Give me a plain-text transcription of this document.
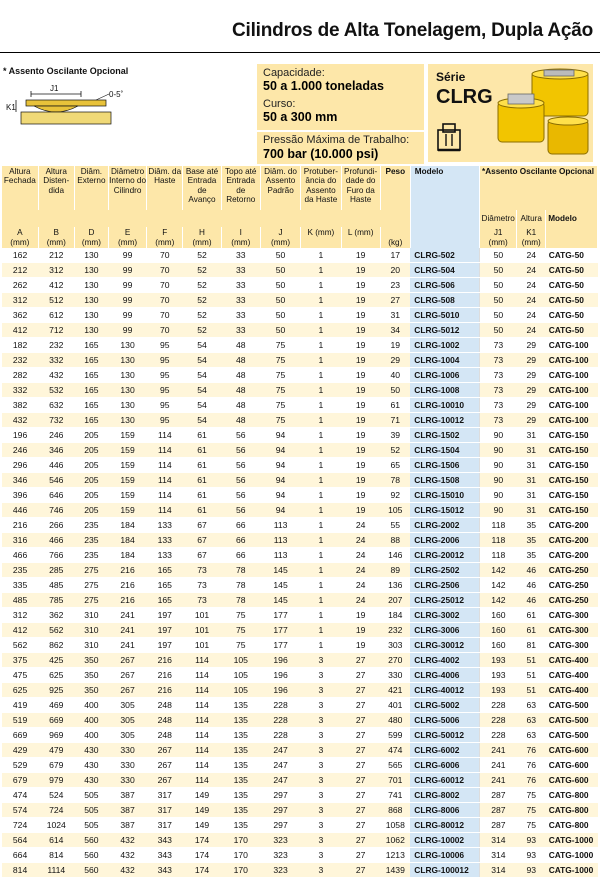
Cilindros de Alta Tonelagem, Dupla Ação
* Assento Oscilante Opcional
J1
K1
0-5˚
Capacidade:
50 a 1.000 toneladas
Curso:
50 a 300 mm
Pressão Máxima de Trabalho:
700 bar (10.000 psi)
Série
CLRG
Altura Fechada	Altura Disten-dida	Diâm. Externo	Diâmetro Interno do Cilindro	Diâm. da Haste	Base até Entrada de Avanço	Topo até Entrada de Retorno	Diâm. do Assento Padrão	Protuber-ância do Assento da Haste	Profundi-dade do Furo da Haste	Peso	Modelo	*Assento Oscilante Opcional		
												Diâmetro	Altura	Modelo
A	B	D	E	F	H	I	J	K (mm)	L (mm)			J1	K1	
(mm)	(mm)	(mm)	(mm)	(mm)	(mm)	(mm)	(mm)			(kg)		(mm)	(mm)	
162	212	130	99	70	52	33	50	1	19	17	CLRG-502	50	24	CATG-50
212	312	130	99	70	52	33	50	1	19	20	CLRG-504	50	24	CATG-50
262	412	130	99	70	52	33	50	1	19	23	CLRG-506	50	24	CATG-50
312	512	130	99	70	52	33	50	1	19	27	CLRG-508	50	24	CATG-50
362	612	130	99	70	52	33	50	1	19	31	CLRG-5010	50	24	CATG-50
412	712	130	99	70	52	33	50	1	19	34	CLRG-5012	50	24	CATG-50
182	232	165	130	95	54	48	75	1	19	19	CLRG-1002	73	29	CATG-100
232	332	165	130	95	54	48	75	1	19	29	CLRG-1004	73	29	CATG-100
282	432	165	130	95	54	48	75	1	19	40	CLRG-1006	73	29	CATG-100
332	532	165	130	95	54	48	75	1	19	50	CLRG-1008	73	29	CATG-100
382	632	165	130	95	54	48	75	1	19	61	CLRG-10010	73	29	CATG-100
432	732	165	130	95	54	48	75	1	19	71	CLRG-10012	73	29	CATG-100
196	246	205	159	114	61	56	94	1	19	39	CLRG-1502	90	31	CATG-150
246	346	205	159	114	61	56	94	1	19	52	CLRG-1504	90	31	CATG-150
296	446	205	159	114	61	56	94	1	19	65	CLRG-1506	90	31	CATG-150
346	546	205	159	114	61	56	94	1	19	78	CLRG-1508	90	31	CATG-150
396	646	205	159	114	61	56	94	1	19	92	CLRG-15010	90	31	CATG-150
446	746	205	159	114	61	56	94	1	19	105	CLRG-15012	90	31	CATG-150
216	266	235	184	133	67	66	113	1	24	55	CLRG-2002	118	35	CATG-200
316	466	235	184	133	67	66	113	1	24	88	CLRG-2006	118	35	CATG-200
466	766	235	184	133	67	66	113	1	24	146	CLRG-20012	118	35	CATG-200
235	285	275	216	165	73	78	145	1	24	89	CLRG-2502	142	46	CATG-250
335	485	275	216	165	73	78	145	1	24	136	CLRG-2506	142	46	CATG-250
485	785	275	216	165	73	78	145	1	24	207	CLRG-25012	142	46	CATG-250
312	362	310	241	197	101	75	177	1	19	184	CLRG-3002	160	61	CATG-300
412	562	310	241	197	101	75	177	1	19	232	CLRG-3006	160	61	CATG-300
562	862	310	241	197	101	75	177	1	19	303	CLRG-30012	160	81	CATG-300
375	425	350	267	216	114	105	196	3	27	270	CLRG-4002	193	51	CATG-400
475	625	350	267	216	114	105	196	3	27	330	CLRG-4006	193	51	CATG-400
625	925	350	267	216	114	105	196	3	27	421	CLRG-40012	193	51	CATG-400
419	469	400	305	248	114	135	228	3	27	401	CLRG-5002	228	63	CATG-500
519	669	400	305	248	114	135	228	3	27	480	CLRG-5006	228	63	CATG-500
669	969	400	305	248	114	135	228	3	27	599	CLRG-50012	228	63	CATG-500
429	479	430	330	267	114	135	247	3	27	474	CLRG-6002	241	76	CATG-600
529	679	430	330	267	114	135	247	3	27	565	CLRG-6006	241	76	CATG-600
679	979	430	330	267	114	135	247	3	27	701	CLRG-60012	241	76	CATG-600
474	524	505	387	317	149	135	297	3	27	741	CLRG-8002	287	75	CATG-800
574	724	505	387	317	149	135	297	3	27	868	CLRG-8006	287	75	CATG-800
724	1024	505	387	317	149	135	297	3	27	1058	CLRG-80012	287	75	CATG-800
564	614	560	432	343	174	170	323	3	27	1062	CLRG-10002	314	93	CATG-1000
664	814	560	432	343	174	170	323	3	27	1213	CLRG-10006	314	93	CATG-1000
814	1114	560	432	343	174	170	323	3	27	1439	CLRG-100012	314	93	CATG-1000
